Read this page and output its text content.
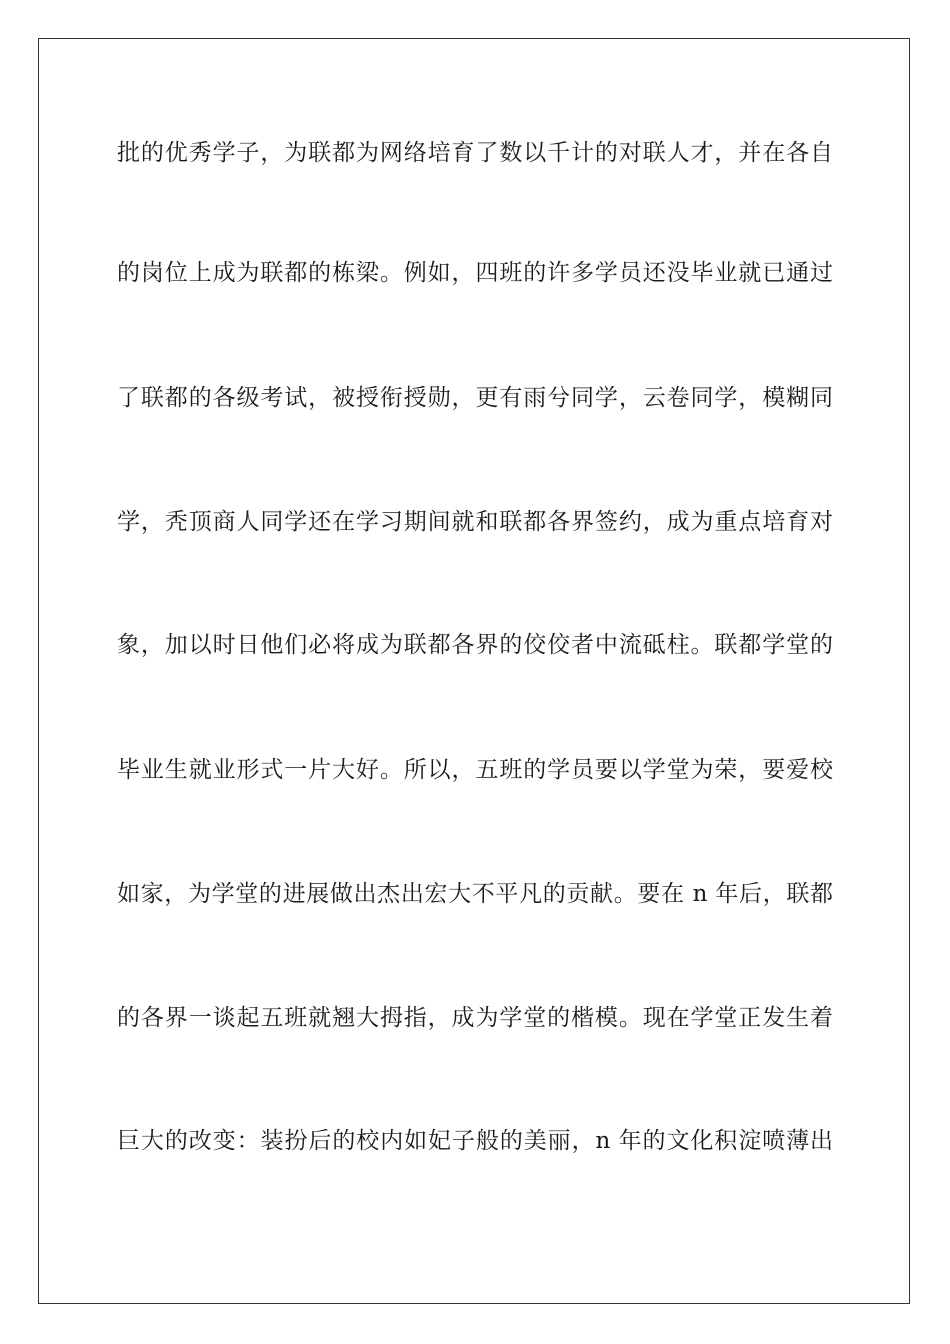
批的优秀学子，为联都为网络培育了数以千计的对联人才，并在各自

的岗位上成为联都的栋梁。例如，四班的许多学员还没毕业就已通过

了联都的各级考试，被授衔授勋，更有雨兮同学，云卷同学，模糊同

学，秃顶商人同学还在学习期间就和联都各界签约，成为重点培育对

象，加以时日他们必将成为联都各界的佼佼者中流砥柱。联都学堂的

毕业生就业形式一片大好。所以，五班的学员要以学堂为荣，要爱校

如家，为学堂的进展做出杰出宏大不平凡的贡献。要在 n 年后，联都

的各界一谈起五班就翘大拇指，成为学堂的楷模。现在学堂正发生着

巨大的改变：装扮后的校内如妃子般的美丽，n 年的文化积淀喷薄出
